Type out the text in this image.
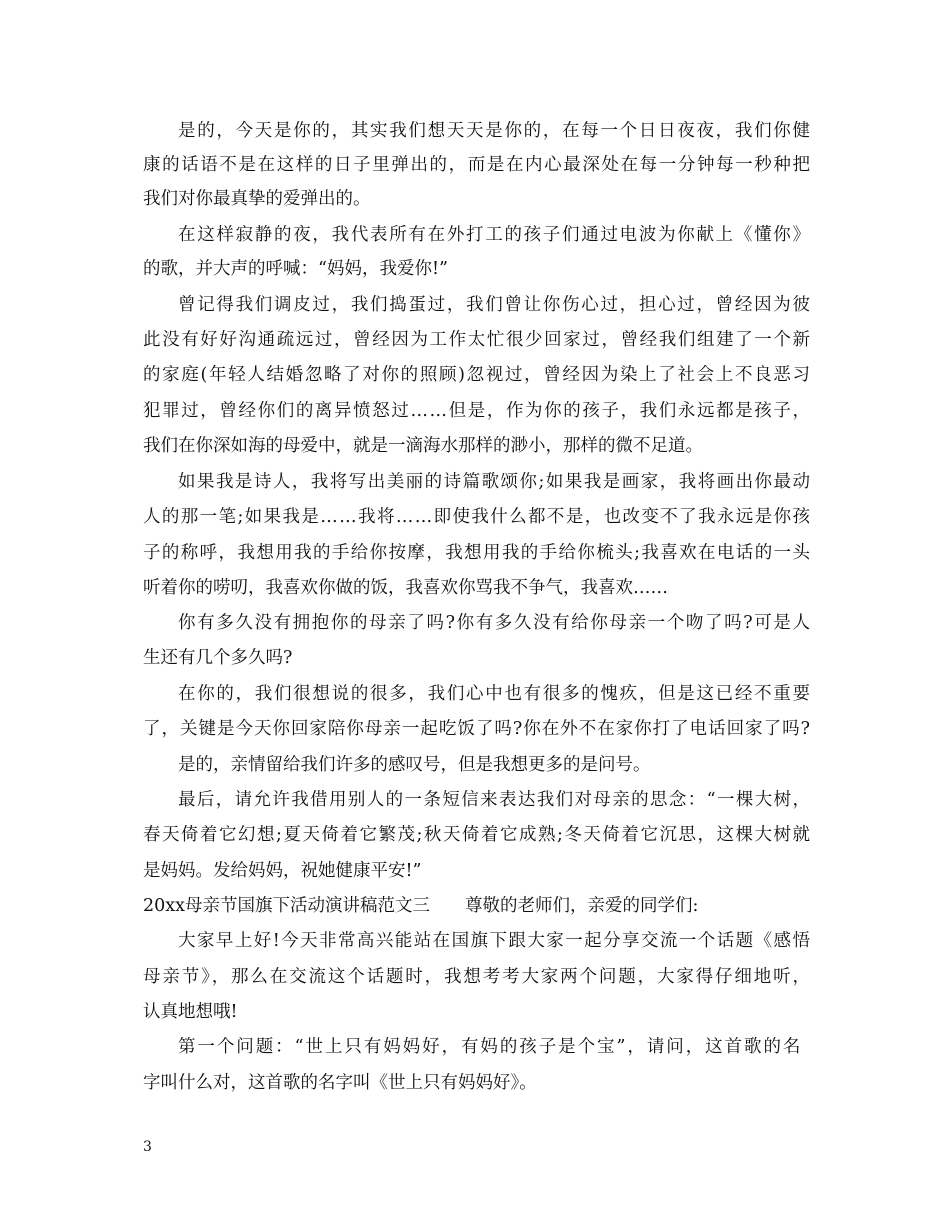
是的，今天是你的，其实我们想天天是你的，在每一个日日夜夜，我们你健
康的话语不是在这样的日子里弹出的，而是在内心最深处在每一分钟每一秒种把
我们对你最真挚的爱弹出的。
在这样寂静的夜，我代表所有在外打工的孩子们通过电波为你献上《懂你》
的歌，并大声的呼喊：“妈妈，我爱你!”
曾记得我们调皮过，我们捣蛋过，我们曾让你伤心过，担心过，曾经因为彼
此没有好好沟通疏远过，曾经因为工作太忙很少回家过，曾经我们组建了一个新
的家庭(年轻人结婚忽略了对你的照顾)忽视过，曾经因为染上了社会上不良恶习
犯罪过，曾经你们的离异愤怒过……但是，作为你的孩子，我们永远都是孩子，
我们在你深如海的母爱中，就是一滴海水那样的渺小，那样的微不足道。
如果我是诗人，我将写出美丽的诗篇歌颂你;如果我是画家，我将画出你最动
人的那一笔;如果我是……我将……即使我什么都不是，也改变不了我永远是你孩
子的称呼，我想用我的手给你按摩，我想用我的手给你梳头;我喜欢在电话的一头
听着你的唠叨，我喜欢你做的饭，我喜欢你骂我不争气，我喜欢……
你有多久没有拥抱你的母亲了吗?你有多久没有给你母亲一个吻了吗?可是人
生还有几个多久吗?
在你的，我们很想说的很多，我们心中也有很多的愧疚，但是这已经不重要
了，关键是今天你回家陪你母亲一起吃饭了吗?你在外不在家你打了电话回家了吗?
是的，亲情留给我们许多的感叹号，但是我想更多的是问号。
最后，请允许我借用别人的一条短信来表达我们对母亲的思念：“一棵大树，
春天倚着它幻想;夏天倚着它繁茂;秋天倚着它成熟;冬天倚着它沉思，这棵大树就
是妈妈。发给妈妈，祝她健康平安!”
20xx母亲节国旗下活动演讲稿范文三　　尊敬的老师们，亲爱的同学们:
大家早上好!今天非常高兴能站在国旗下跟大家一起分享交流一个话题《感悟
母亲节》，那么在交流这个话题时，我想考考大家两个问题，大家得仔细地听，
认真地想哦!
第一个问题：“世上只有妈妈好，有妈的孩子是个宝”，请问，这首歌的名
字叫什么对，这首歌的名字叫《世上只有妈妈好》。
3
